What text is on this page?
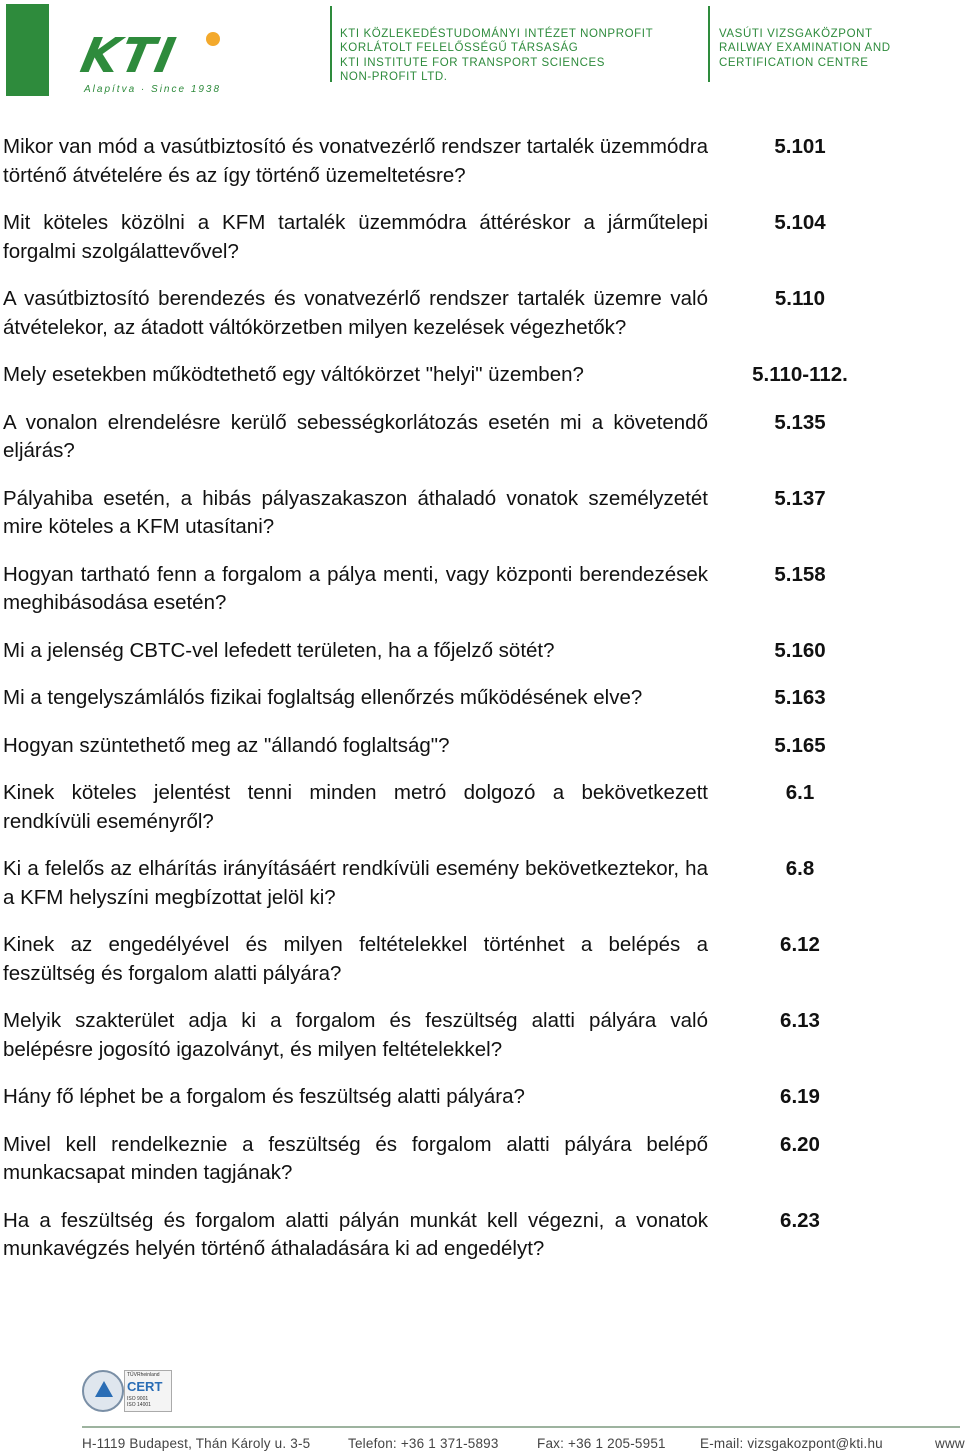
KTI
Alapítva · Since 1938
KTI KÖZLEKEDÉSTUDOMÁNYI INTÉZET NONPROFIT
KORLÁTOLT FELELŐSSÉGŰ TÁRSASÁG
KTI INSTITUTE FOR TRANSPORT SCIENCES
NON-PROFIT LTD.
VASÚTI VIZSGAKÖZPONT
RAILWAY EXAMINATION AND
CERTIFICATION CENTRE
Mikor van mód a vasútbiztosító és vonatvezérlő rendszer tartalék üzemmódra történő átvételére és az így történő üzemeltetésre?
5.101
Mit köteles közölni a KFM tartalék üzemmódra áttéréskor a járműtelepi forgalmi szolgálattevővel?
5.104
A vasútbiztosító berendezés és vonatvezérlő rendszer tartalék üzemre való átvételekor, az átadott váltókörzetben milyen kezelések végezhetők?
5.110
Mely esetekben működtethető egy váltókörzet "helyi" üzemben?	5.110-112.
A vonalon elrendelésre kerülő sebességkorlátozás esetén mi a követendő eljárás?
5.135
Pályahiba esetén, a hibás pályaszakaszon áthaladó vonatok személyzetét mire köteles a KFM utasítani?
5.137
Hogyan tartható fenn a forgalom a pálya menti, vagy központi berendezések meghibásodása esetén?
5.158
Mi a jelenség CBTC-vel lefedett területen, ha a főjelző sötét?	5.160
Mi a tengelyszámlálós fizikai foglaltság ellenőrzés működésének elve?	5.163
Hogyan szüntethető meg az "állandó foglaltság"?	5.165
Kinek köteles jelentést tenni minden metró dolgozó a bekövetkezett rendkívüli eseményről?
6.1
Ki a felelős az elhárítás irányításáért rendkívüli esemény bekövetkeztekor, ha a KFM helyszíni megbízottat jelöl ki?
6.8
Kinek az engedélyével és milyen feltételekkel történhet a belépés a feszültség és forgalom alatti pályára?
6.12
Melyik szakterület adja ki a forgalom és feszültség alatti pályára való belépésre jogosító igazolványt, és milyen feltételekkel?
6.13
Hány fő léphet be a forgalom és feszültség alatti pályára?	6.19
Mivel kell rendelkeznie a feszültség és forgalom alatti pályára belépő munkacsapat minden tagjának?
6.20
Ha a feszültség és forgalom alatti pályán munkát kell végezni, a vonatok munkavégzés helyén történő áthaladására ki ad engedélyt?
6.23
TÜVRheinland
CERT
ISO 9001
ISO 14001
H-1119 Budapest, Thán Károly u. 3-5	Telefon: +36 1 371-5893	Fax: +36 1 205-5951	E-mail: vizsgakozpont@kti.hu	www
